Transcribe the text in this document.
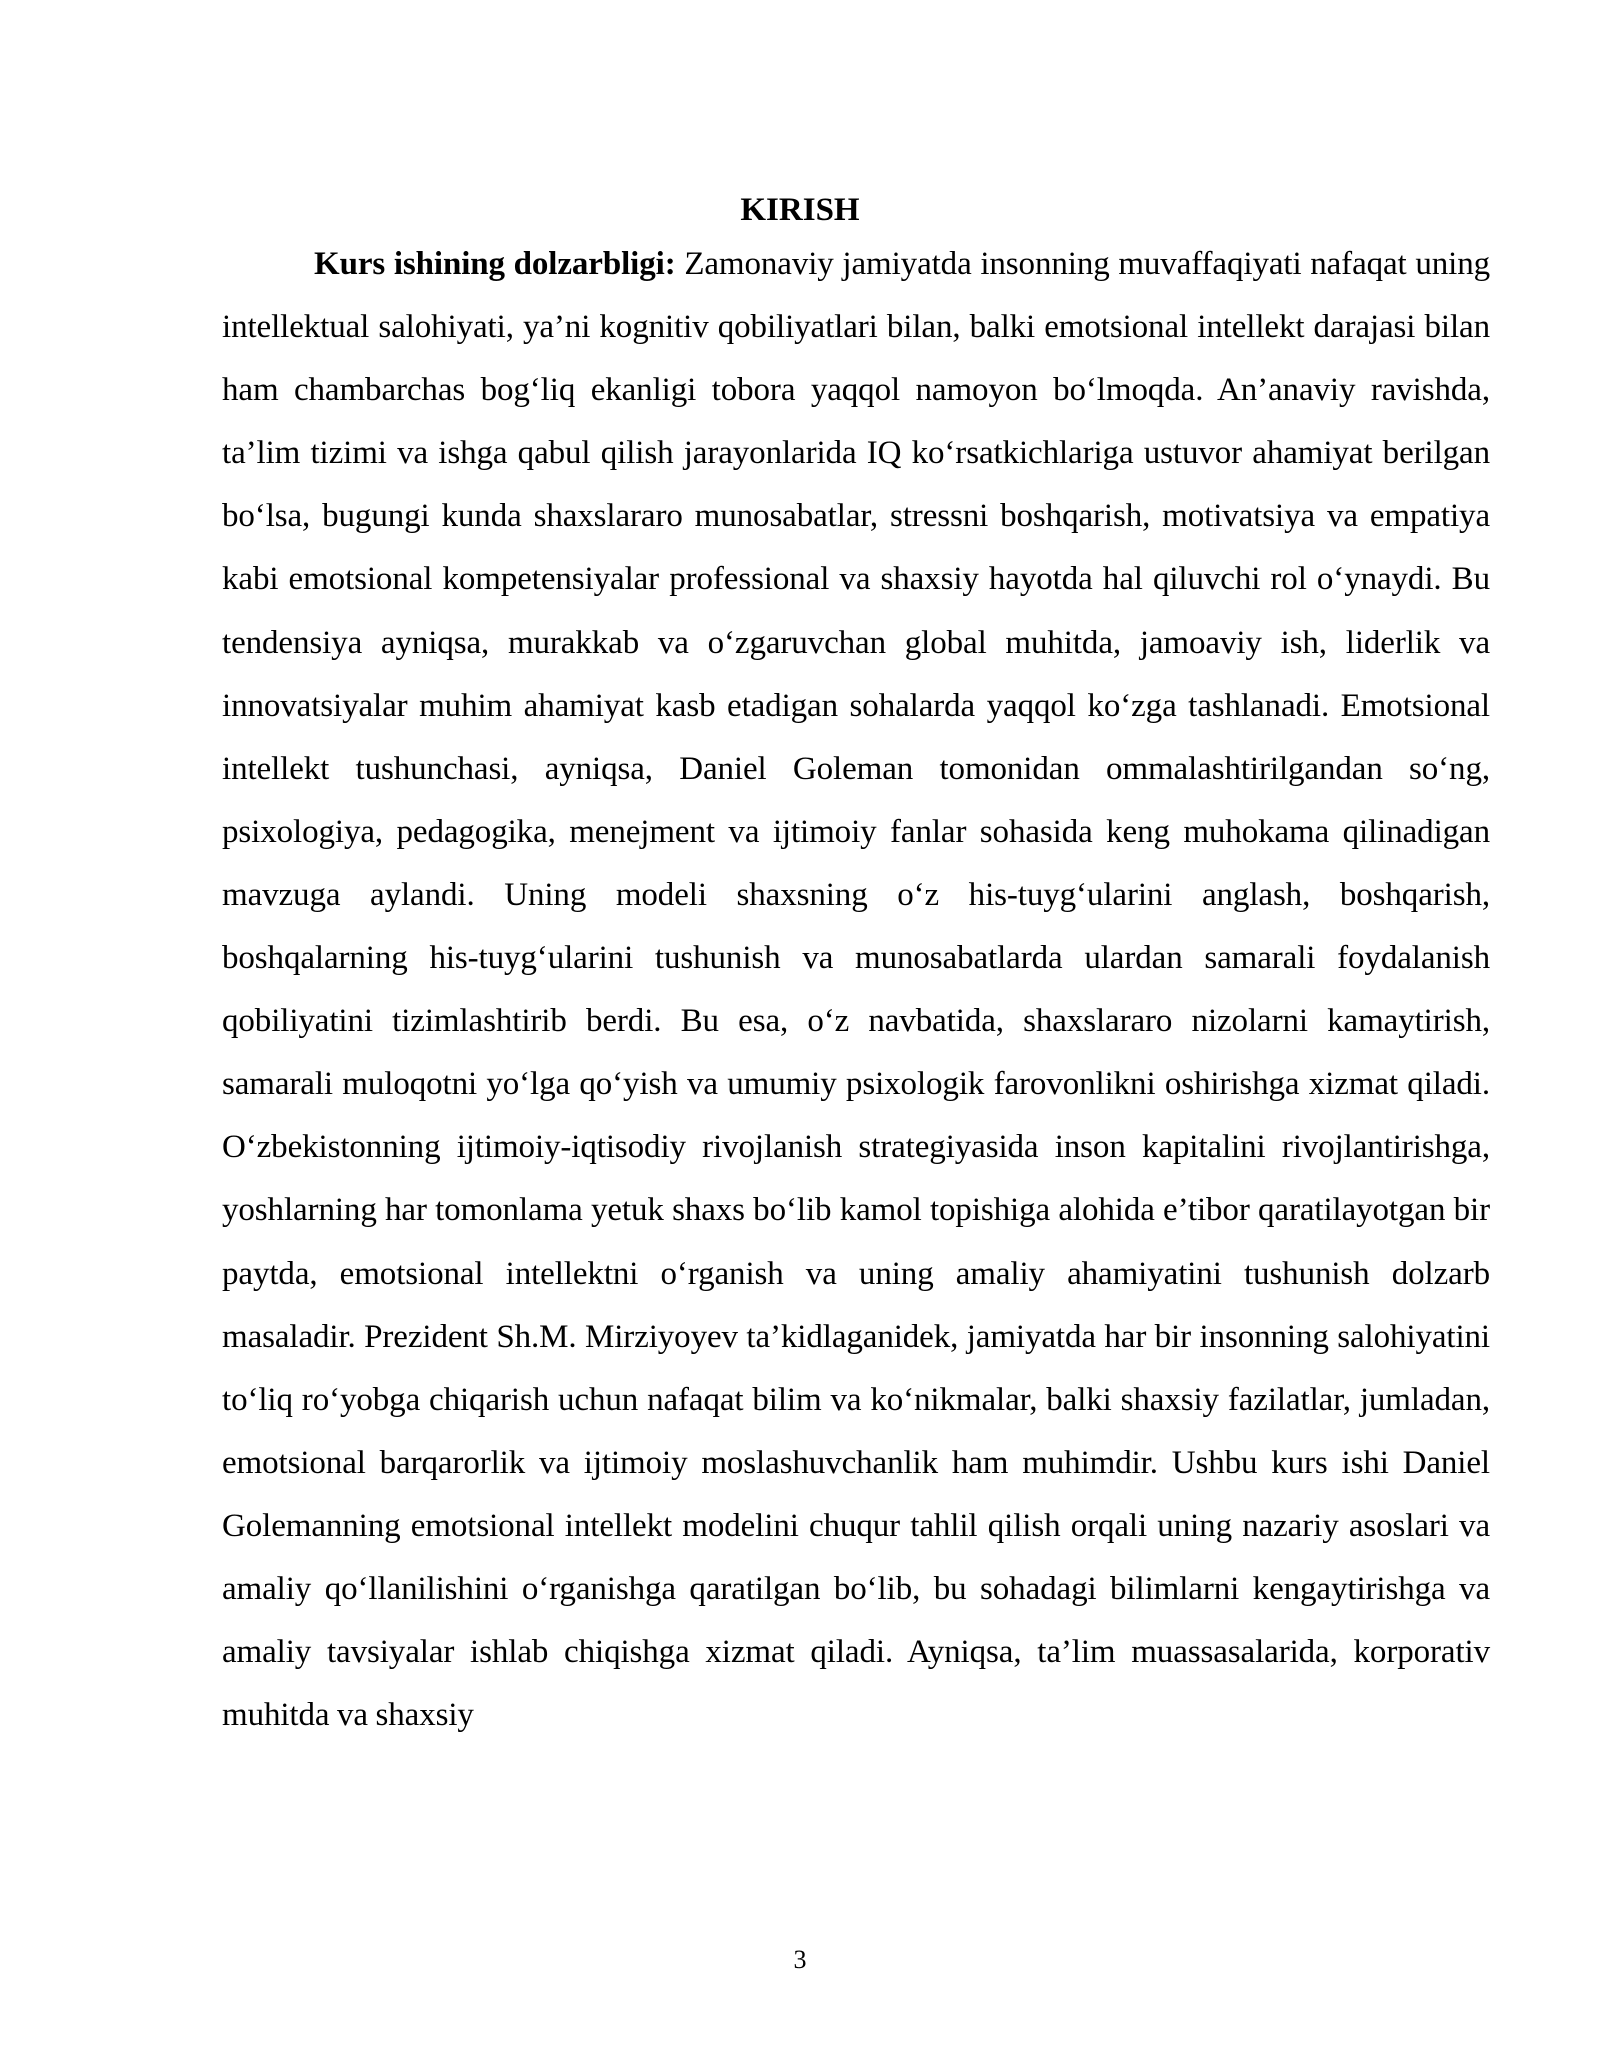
KIRISH

Kurs ishining dolzarbligi: Zamonaviy jamiyatda insonning muvaffaqiyati nafaqat uning intellektual salohiyati, ya’ni kognitiv qobiliyatlari bilan, balki emotsional intellekt darajasi bilan ham chambarchas bog‘liq ekanligi tobora yaqqol namoyon bo‘lmoqda. An’anaviy ravishda, ta’lim tizimi va ishga qabul qilish jarayonlarida IQ ko‘rsatkichlariga ustuvor ahamiyat berilgan bo‘lsa, bugungi kunda shaxslararo munosabatlar, stressni boshqarish, motivatsiya va empatiya kabi emotsional kompetensiyalar professional va shaxsiy hayotda hal qiluvchi rol o‘ynaydi. Bu tendensiya ayniqsa, murakkab va o‘zgaruvchan global muhitda, jamoaviy ish, liderlik va innovatsiyalar muhim ahamiyat kasb etadigan sohalarda yaqqol ko‘zga tashlanadi. Emotsional intellekt tushunchasi, ayniqsa, Daniel Goleman tomonidan ommalashtirilgandan so‘ng, psixologiya, pedagogika, menejment va ijtimoiy fanlar sohasida keng muhokama qilinadigan mavzuga aylandi. Uning modeli shaxsning o‘z his-tuyg‘ularini anglash, boshqarish, boshqalarning his-tuyg‘ularini tushunish va munosabatlarda ulardan samarali foydalanish qobiliyatini tizimlashtirib berdi. Bu esa, o‘z navbatida, shaxslararo nizolarni kamaytirish, samarali muloqotni yo‘lga qo‘yish va umumiy psixologik farovonlikni oshirishga xizmat qiladi. O‘zbekistonning ijtimoiy-iqtisodiy rivojlanish strategiyasida inson kapitalini rivojlantirishga, yoshlarning har tomonlama yetuk shaxs bo‘lib kamol topishiga alohida e’tibor qaratilayotgan bir paytda, emotsional intellektni o‘rganish va uning amaliy ahamiyatini tushunish dolzarb masaladir. Prezident Sh.M. Mirziyoyev ta’kidlaganidek, jamiyatda har bir insonning salohiyatini to‘liq ro‘yobga chiqarish uchun nafaqat bilim va ko‘nikmalar, balki shaxsiy fazilatlar, jumladan, emotsional barqarorlik va ijtimoiy moslashuvchanlik ham muhimdir. Ushbu kurs ishi Daniel Golemanning emotsional intellekt modelini chuqur tahlil qilish orqali uning nazariy asoslari va amaliy qo‘llanilishini o‘rganishga qaratilgan bo‘lib, bu sohadagi bilimlarni kengaytirishga va amaliy tavsiyalar ishlab chiqishga xizmat qiladi. Ayniqsa, ta’lim muassasalarida, korporativ muhitda va shaxsiy

3
